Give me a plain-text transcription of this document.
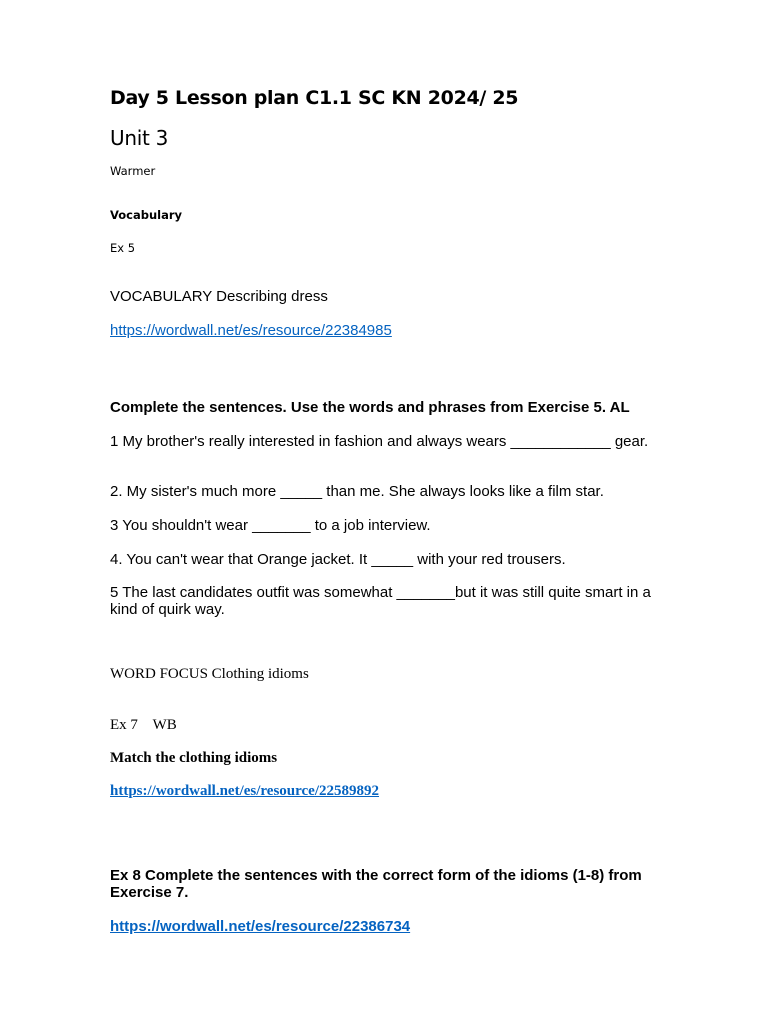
Day 5 Lesson plan C1.1 SC KN 2024/ 25
Unit 3
Warmer
Vocabulary
Ex 5
VOCABULARY Describing dress
https://wordwall.net/es/resource/22384985
Complete the sentences. Use the words and phrases from Exercise 5. AL
1 My brother's really interested in fashion and always wears ____________ gear.
2. My sister's much more _____ than me. She always looks like a film star.
3 You shouldn't wear _______ to a job interview.
4. You can't wear that Orange jacket. It _____ with your red trousers.
5 The last candidates outfit was somewhat _______but it was still quite smart in a kind of quirk way.
WORD FOCUS Clothing idioms
Ex 7    WB
Match the clothing idioms
https://wordwall.net/es/resource/22589892
Ex 8 Complete the sentences with the correct form of the idioms (1-8) from Exercise 7.
https://wordwall.net/es/resource/22386734
